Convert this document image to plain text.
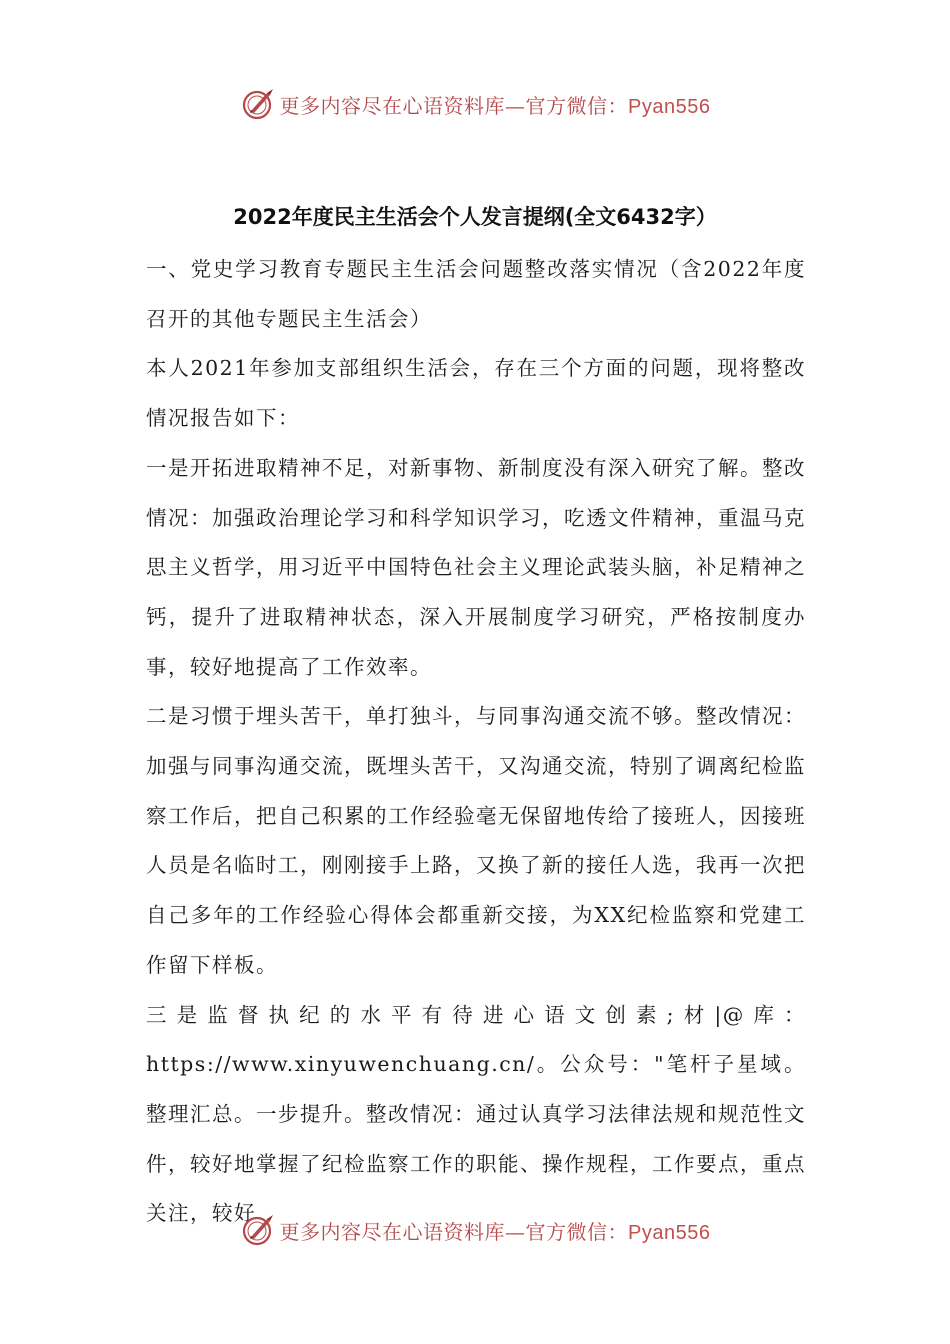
更多内容尽在心语资料库—官方微信：Pyan556
2022年度民主生活会个人发言提纲(全文6432字）

一、党史学习教育专题民主生活会问题整改落实情况（含2022年度召开的其他专题民主生活会）

本人2021年参加支部组织生活会，存在三个方面的问题，现将整改情况报告如下：

一是开拓进取精神不足，对新事物、新制度没有深入研究了解。整改情况：加强政治理论学习和科学知识学习，吃透文件精神，重温马克思主义哲学，用习近平中国特色社会主义理论武装头脑，补足精神之钙，提升了进取精神状态，深入开展制度学习研究，严格按制度办事，较好地提高了工作效率。

二是习惯于埋头苦干，单打独斗，与同事沟通交流不够。整改情况：加强与同事沟通交流，既埋头苦干，又沟通交流，特别了调离纪检监察工作后，把自己积累的工作经验毫无保留地传给了接班人，因接班人员是名临时工，刚刚接手上路，又换了新的接任人选，我再一次把自己多年的工作经验心得体会都重新交接，为XX纪检监察和党建工作留下样板。

三是监督执纪的水平有待进心语文创素;材|@库：https://www.xinyuwenchuang.cn/。公众号："笔杆子星域。整理汇总。一步提升。整改情况：通过认真学习法律法规和规范性文件，较好地掌握了纪检监察工作的职能、操作规程，工作要点，重点关注，较好

更多内容尽在心语资料库—官方微信：Pyan556
